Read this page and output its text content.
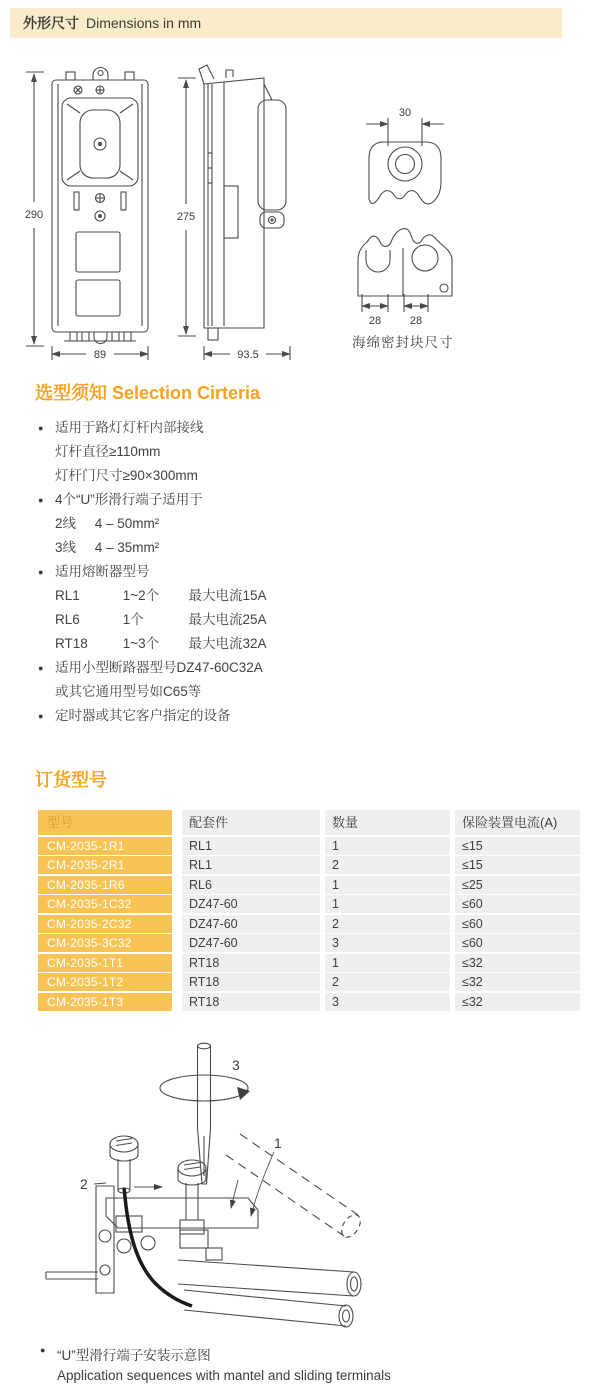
外形尺寸 Dimensions in mm
290
89
275
93.5
30
28	28
海绵密封块尺寸
选型须知 Selection Cirteria
● 适用于路灯灯杆内部接线
灯杆直径≥110mm
灯杆门尺寸≥90×300mm
● 4个“U”形滑行端子适用于
2线 4 – 50mm²
3线 4 – 35mm²
● 适用熔断器型号
RL1	1~2个 最大电流15A
RL6	1个	最大电流25A
RT18	1~3个 最大电流32A
● 适用小型断路器型号DZ47-60C32A
或其它通用型号如C65等
● 定时器或其它客户指定的设备
订货型号
型号	配套件	数量	保险装置电流(A)
CM-2035-1R1	RL1	1	≤15
CM-2035-2R1	RL1	2	≤15
CM-2035-1R6	RL6	1	≤25
CM-2035-1C32	DZ47-60	1	≤60
CM-2035-2C32	DZ47-60	2	≤60
CM-2035-3C32	DZ47-60	3	≤60
CM-2035-1T1	RT18	1	≤32
CM-2035-1T2	RT18	2	≤32
CM-2035-1T3	RT18	3	≤32
3
2
1
● “U”型滑行端子安装示意图
Application sequences with mantel and sliding terminals
